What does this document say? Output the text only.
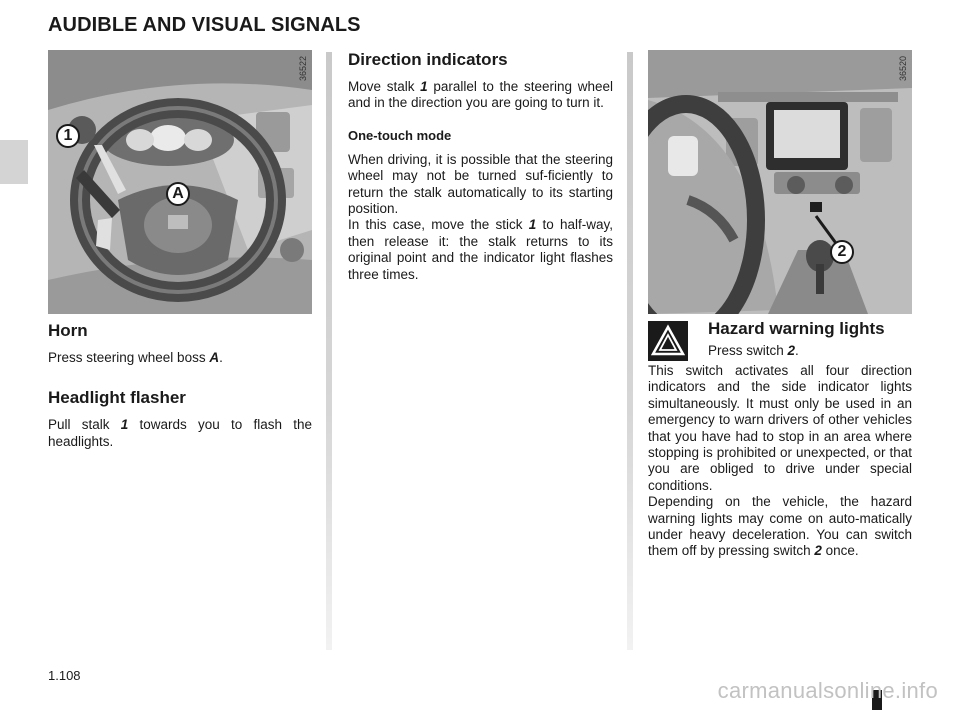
AUDIBLE AND VISUAL SIGNALS
36522
1
A
Horn

Press steering wheel boss A.

Headlight flasher

Pull stalk 1 towards you to flash the headlights.

Direction indicators

Move stalk 1 parallel to the steering wheel and in the direction you are going to turn it.

One-touch mode

When driving, it is possible that the steering wheel may not be turned suf-ficiently to return the stalk automatically to its starting position.

In this case, move the stick 1 to half-way, then release it: the stalk returns to its original point and the indicator light flashes three times.

36520
2
Hazard warning lights
Press switch 2.

This switch activates all four direction indicators and the side indicator lights simultaneously. It must only be used in an emergency to warn drivers of other vehicles that you have had to stop in an area where stopping is prohibited or unexpected, or that you are obliged to drive under special conditions.

Depending on the vehicle, the hazard warning lights may come on auto-matically under heavy deceleration. You can switch them off by pressing switch 2 once.

1.108
carmanualsonline.info
